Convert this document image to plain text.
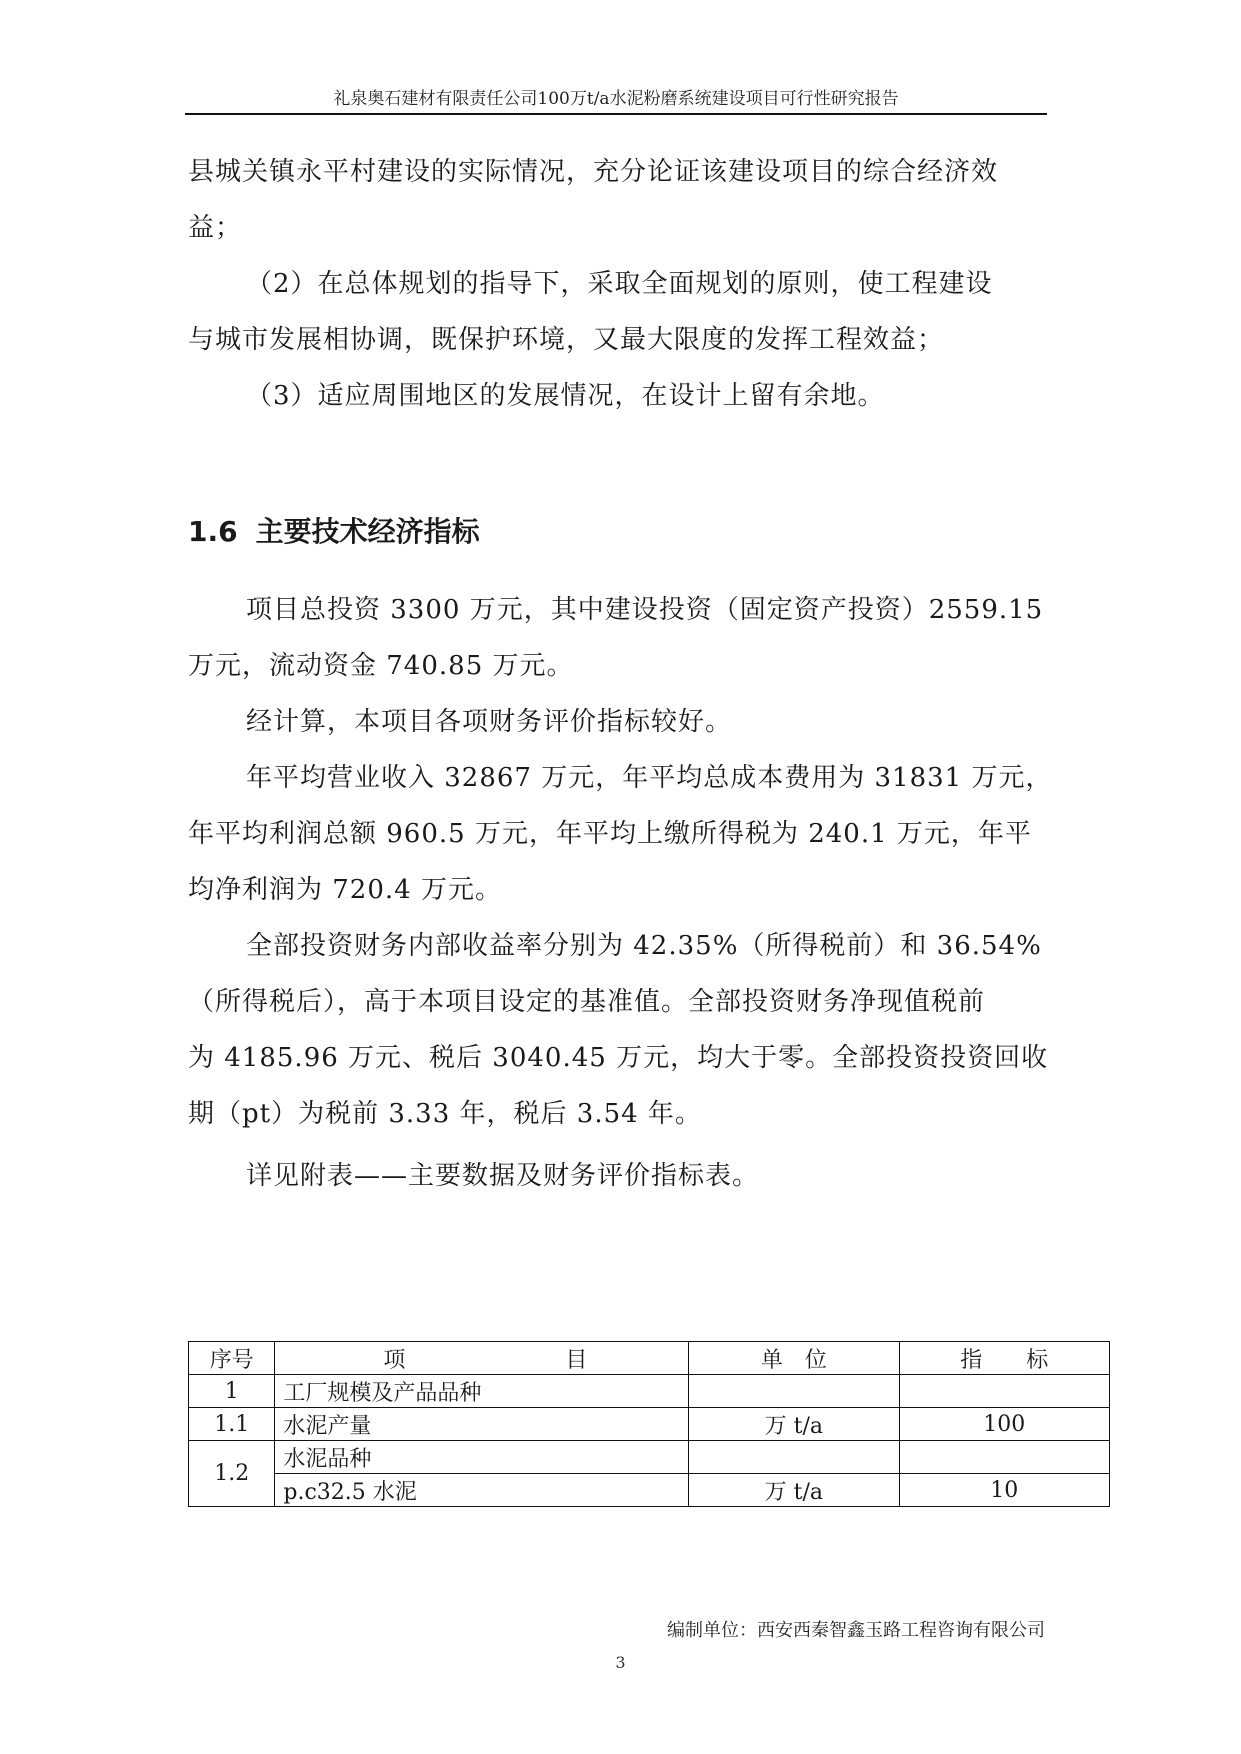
礼泉奥石建材有限责任公司100万t/a水泥粉磨系统建设项目可行性研究报告
县城关镇永平村建设的实际情况，充分论证该建设项目的综合经济效
益；
（2）在总体规划的指导下，采取全面规划的原则，使工程建设
与城市发展相协调，既保护环境，又最大限度的发挥工程效益；
（3）适应周围地区的发展情况，在设计上留有余地。
1.6 主要技术经济指标
项目总投资 3300 万元，其中建设投资（固定资产投资）2559.15
万元，流动资金 740.85 万元。
经计算，本项目各项财务评价指标较好。
年平均营业收入 32867 万元，年平均总成本费用为 31831 万元，
年平均利润总额 960.5 万元，年平均上缴所得税为 240.1 万元，年平
均净利润为 720.4 万元。
全部投资财务内部收益率分别为 42.35%（所得税前）和 36.54%
（所得税后），高于本项目设定的基准值。全部投资财务净现值税前
为 4185.96 万元、税后 3040.45 万元，均大于零。全部投资投资回收
期（pt）为税前 3.33 年，税后 3.54 年。
详见附表——主要数据及财务评价指标表。
序号	项 目	单　位	指　　标
1	工厂规模及产品品种		
1.1	水泥产量	万 t/a	100
1.2	水泥品种		
	p.c32.5 水泥	万 t/a	10
编制单位：西安西秦智鑫玉路工程咨询有限公司
3
